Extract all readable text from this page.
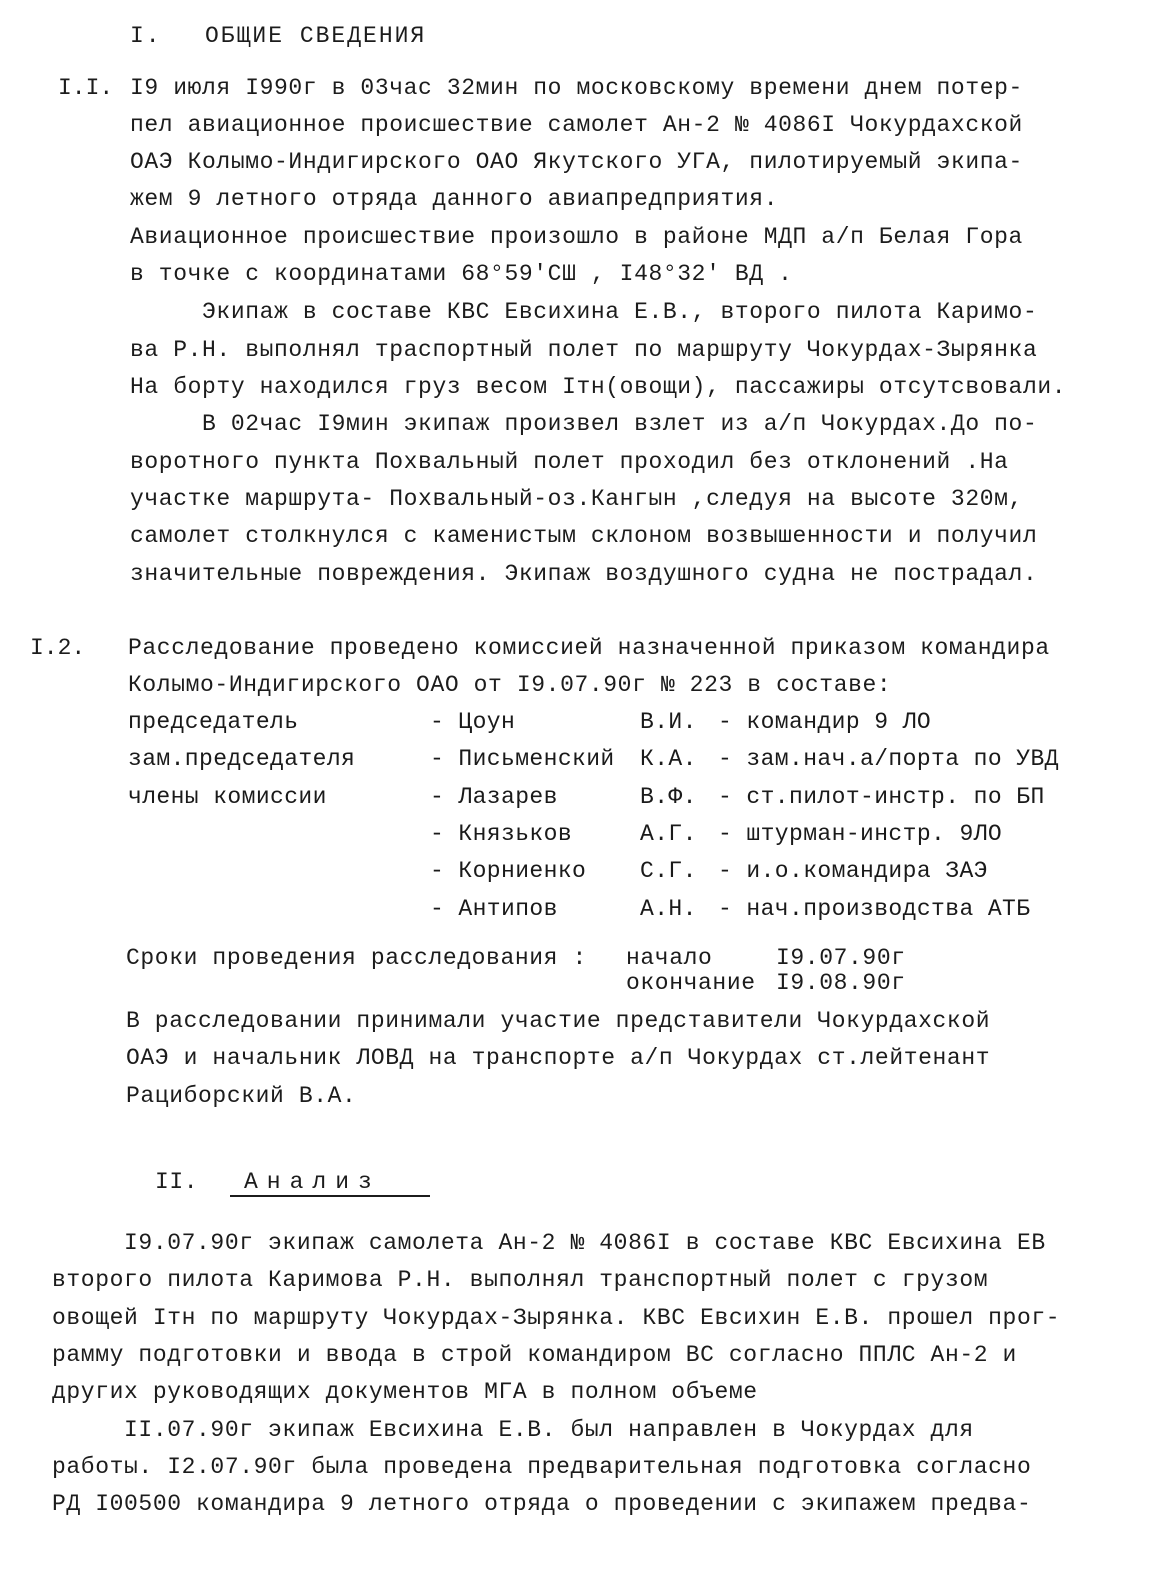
I. ОБЩИЕ СВЕДЕНИЯ
I.I. I9 июля I990г в 03час 32мин по московскому времени днем потер-
пел авиационное происшествие самолет Ан-2 № 4086I Чокурдахской
ОАЭ Колымо-Индигирского ОАО Якутского УГА, пилотируемый экипа-
жем 9 летного отряда данного авиапредприятия.
Авиационное происшествие произошло в районе МДП а/п Белая Гора
в точке с координатами 68°59'СШ , I48°32' ВД .
Экипаж в составе КВС Евсихина Е.В., второго пилота Каримо-
ва Р.Н. выполнял траспортный полет по маршруту Чокурдах-Зырянка
На борту находился груз весом Iтн(овощи), пассажиры отсутсвовали.
В 02час I9мин экипаж произвел взлет из а/п Чокурдах.До по-
воротного пункта Похвальный полет проходил без отклонений .На
участке маршрута- Похвальный-оз.Кангын ,следуя на высоте 320м,
самолет столкнулся с каменистым склоном возвышенности и получил
значительные повреждения. Экипаж воздушного судна не пострадал.
I.2. Расследование проведено комиссией назначенной приказом командира
Колымо-Индигирского ОАО от I9.07.90г № 223 в составе:
председатель	- Цоун	В.И. - командир 9 ЛО
зам.председателя	- Письменский К.А. - зам.нач.а/порта по УВД
члены комиссии	- Лазарев	В.Ф. - ст.пилот-инстр. по БП
- Князьков	А.Г. - штурман-инстр. 9ЛО
- Корниенко С.Г. - и.о.командира ЗАЭ
- Антипов	А.Н. - нач.производства АТБ
Сроки проведения расследования : начало	I9.07.90г
окончание I9.08.90г
В расследовании принимали участие представители Чокурдахской
ОАЭ и начальник ЛОВД на транспорте а/п Чокурдах ст.лейтенант
Рациборский В.А.
II. Анализ
I9.07.90г экипаж самолета Ан-2 № 4086I в составе КВС Евсихина ЕВ
второго пилота Каримова Р.Н. выполнял транспортный полет с грузом
овощей Iтн по маршруту Чокурдах-Зырянка. КВС Евсихин Е.В. прошел прог-
рамму подготовки и ввода в строй командиром ВС согласно ППЛС Ан-2 и
других руководящих документов МГА в полном объеме
II.07.90г экипаж Евсихина Е.В. был направлен в Чокурдах для
работы. I2.07.90г была проведена предварительная подготовка согласно
РД I00500 командира 9 летного отряда о проведении с экипажем предва-
